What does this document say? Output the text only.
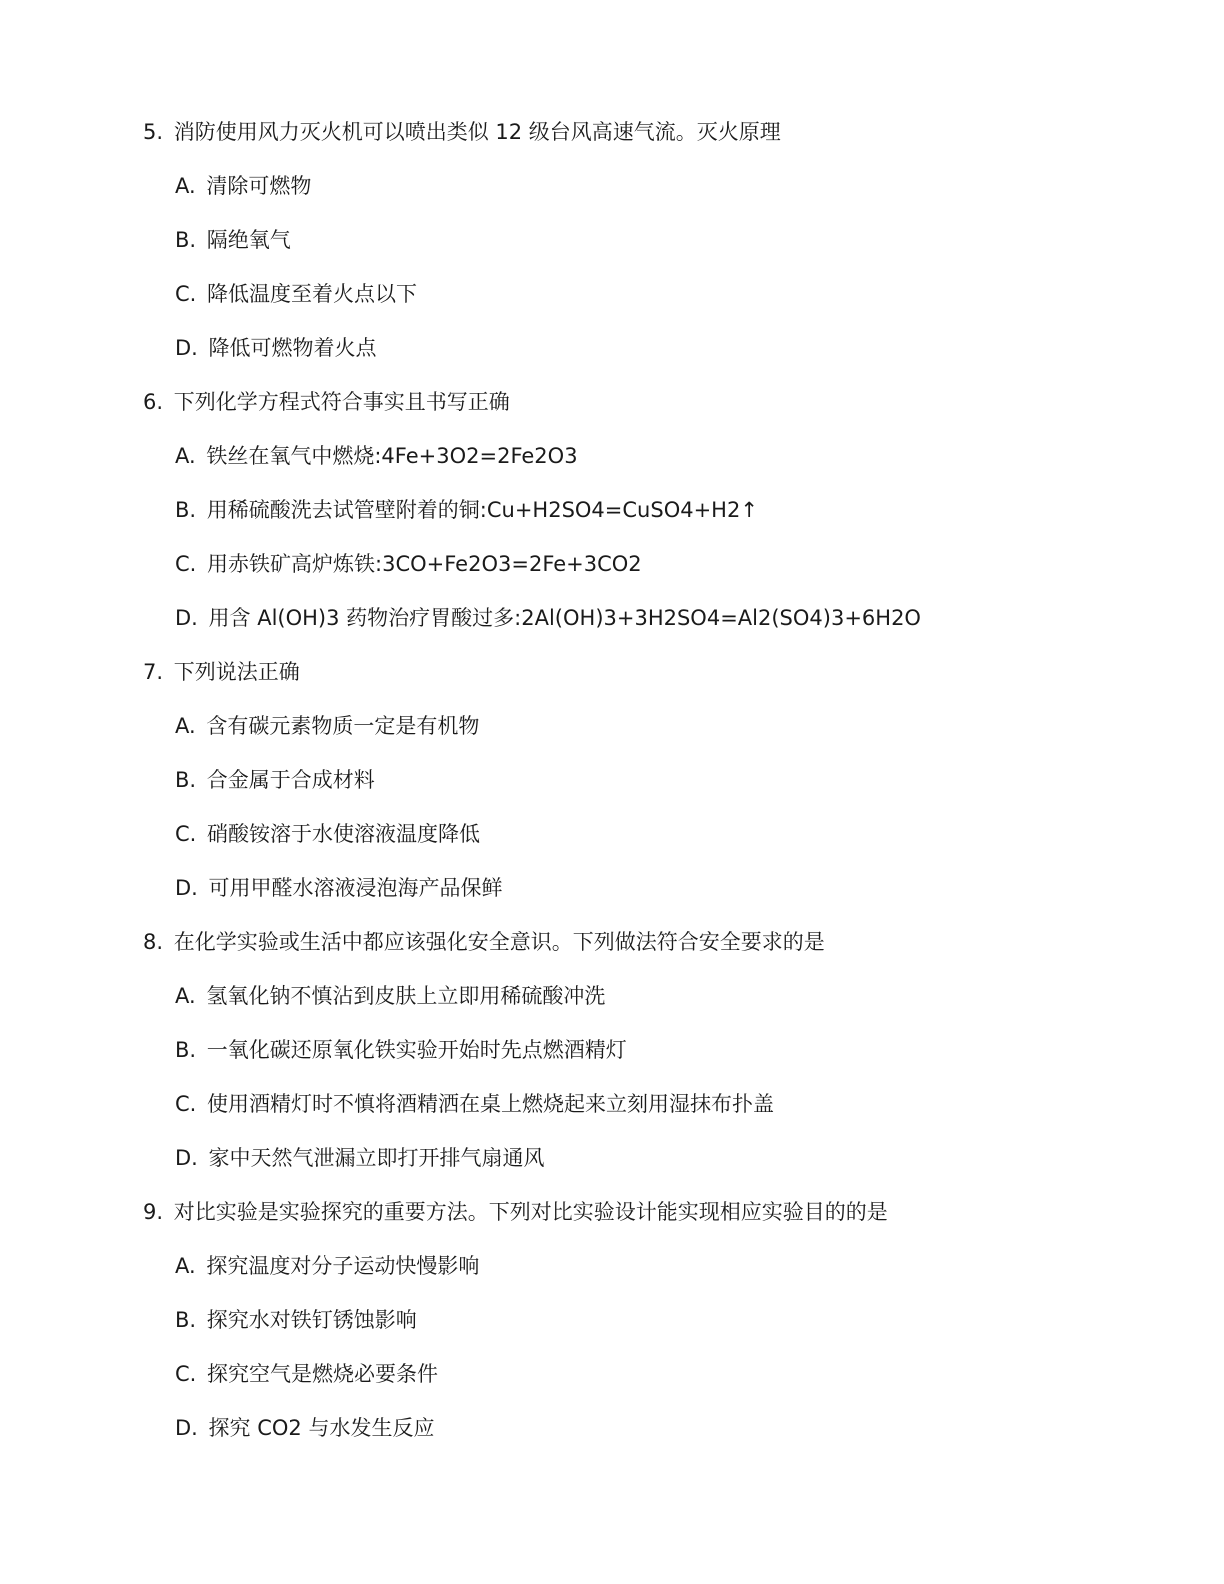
5. 消防使用风力灭火机可以喷出类似 12 级台风高速气流。灭火原理
A. 清除可燃物
B. 隔绝氧气
C. 降低温度至着火点以下
D. 降低可燃物着火点
6. 下列化学方程式符合事实且书写正确
A. 铁丝在氧气中燃烧:4Fe+3O2=2Fe2O3
B. 用稀硫酸洗去试管壁附着的铜:Cu+H2SO4=CuSO4+H2↑
C. 用赤铁矿高炉炼铁:3CO+Fe2O3=2Fe+3CO2
D. 用含 Al(OH)3 药物治疗胃酸过多:2Al(OH)3+3H2SO4=Al2(SO4)3+6H2O
7. 下列说法正确
A. 含有碳元素物质一定是有机物
B. 合金属于合成材料
C. 硝酸铵溶于水使溶液温度降低
D. 可用甲醛水溶液浸泡海产品保鲜
8. 在化学实验或生活中都应该强化安全意识。下列做法符合安全要求的是
A. 氢氧化钠不慎沾到皮肤上立即用稀硫酸冲洗
B. 一氧化碳还原氧化铁实验开始时先点燃酒精灯
C. 使用酒精灯时不慎将酒精洒在桌上燃烧起来立刻用湿抹布扑盖
D. 家中天然气泄漏立即打开排气扇通风
9. 对比实验是实验探究的重要方法。下列对比实验设计能实现相应实验目的的是
A. 探究温度对分子运动快慢影响
B. 探究水对铁钉锈蚀影响
C. 探究空气是燃烧必要条件
D. 探究 CO2 与水发生反应
